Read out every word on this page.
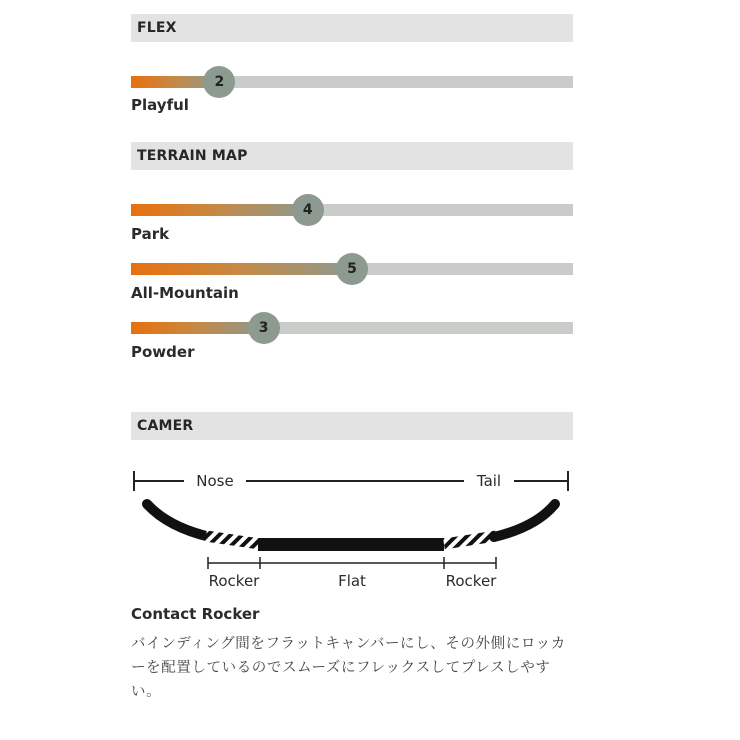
FLEX
2
Playful
TERRAIN MAP
4
Park
5
All-Mountain
3
Powder
CAMER
Nose	Tail
Rocker	Flat	Rocker
Contact Rocker
バインディング間をフラットキャンバーにし、その外側にロッカーを配置しているのでスムーズにフレックスしてプレスしやすい。
